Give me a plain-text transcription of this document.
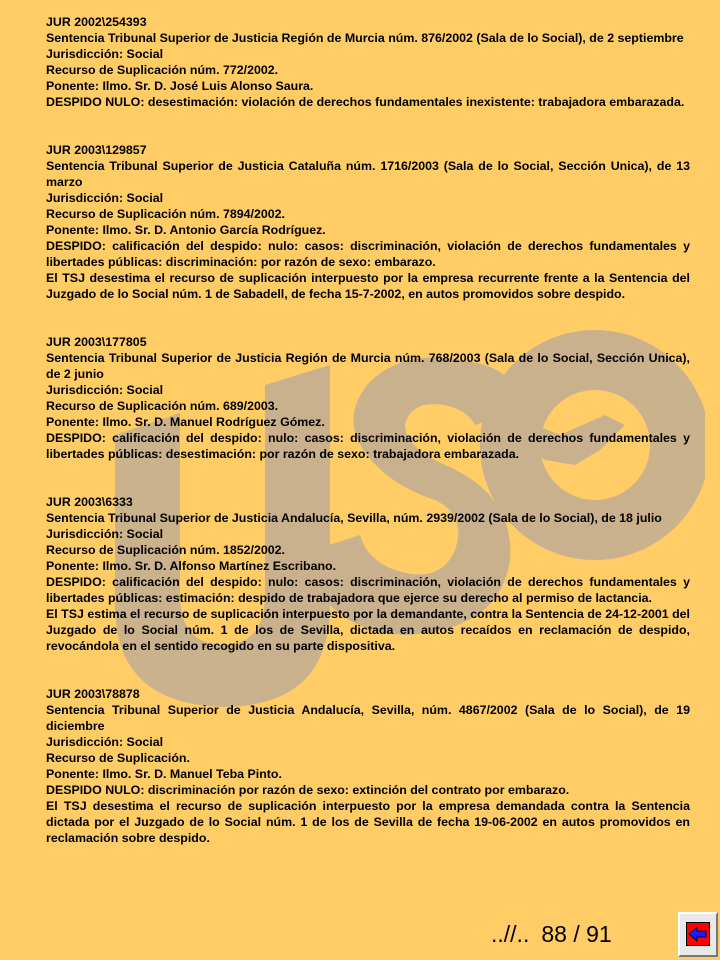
JUR 2002\254393

Sentencia Tribunal Superior de Justicia Región de Murcia núm. 876/2002 (Sala de lo Social), de 2 septiembre

Jurisdicción: Social

Recurso de Suplicación núm. 772/2002.

Ponente: Ilmo. Sr. D. José Luis Alonso Saura.

DESPIDO NULO: desestimación: violación de derechos fundamentales inexistente: trabajadora embarazada.

JUR 2003\129857

Sentencia Tribunal Superior de Justicia Cataluña núm. 1716/2003 (Sala de lo Social, Sección Unica), de 13 marzo

Jurisdicción: Social

Recurso de Suplicación núm. 7894/2002.

Ponente: Ilmo. Sr. D. Antonio García Rodríguez.

DESPIDO: calificación del despido: nulo: casos: discriminación, violación de derechos fundamentales y libertades públicas: discriminación: por razón de sexo: embarazo.

El TSJ desestima el recurso de suplicación interpuesto por la empresa recurrente frente a la Sentencia del Juzgado de lo Social núm. 1 de Sabadell, de fecha 15-7-2002, en autos promovidos sobre despido.

JUR 2003\177805

Sentencia Tribunal Superior de Justicia Región de Murcia núm. 768/2003 (Sala de lo Social, Sección Unica), de 2 junio

Jurisdicción: Social

Recurso de Suplicación núm. 689/2003.

Ponente: Ilmo. Sr. D. Manuel Rodríguez Gómez.

DESPIDO: calificación del despido: nulo: casos: discriminación, violación de derechos fundamentales y libertades públicas: desestimación: por razón de sexo: trabajadora embarazada.

JUR 2003\6333

Sentencia Tribunal Superior de Justicia Andalucía, Sevilla, núm. 2939/2002 (Sala de lo Social), de 18 julio

Jurisdicción: Social

Recurso de Suplicación núm. 1852/2002.

Ponente: Ilmo. Sr. D. Alfonso Martínez Escribano.

DESPIDO: calificación del despido: nulo: casos: discriminación, violación de derechos fundamentales y libertades públicas: estimación: despido de trabajadora que ejerce su derecho al permiso de lactancia.

El TSJ estima el recurso de suplicación interpuesto por la demandante, contra la Sentencia de 24-12-2001 del Juzgado de lo Social núm. 1 de los de Sevilla, dictada en autos recaídos en reclamación de despido, revocándola en el sentido recogido en su parte dispositiva.

JUR 2003\78878

Sentencia Tribunal Superior de Justicia Andalucía, Sevilla, núm. 4867/2002 (Sala de lo Social), de 19 diciembre

Jurisdicción: Social

Recurso de Suplicación.

Ponente: Ilmo. Sr. D. Manuel Teba Pinto.

DESPIDO NULO: discriminación por razón de sexo: extinción del contrato por embarazo.

El TSJ desestima el recurso de suplicación interpuesto por la empresa demandada contra la Sentencia dictada por el Juzgado de lo Social núm. 1 de los de Sevilla de fecha 19-06-2002 en autos promovidos en reclamación sobre despido.

..//.. 88 / 91
